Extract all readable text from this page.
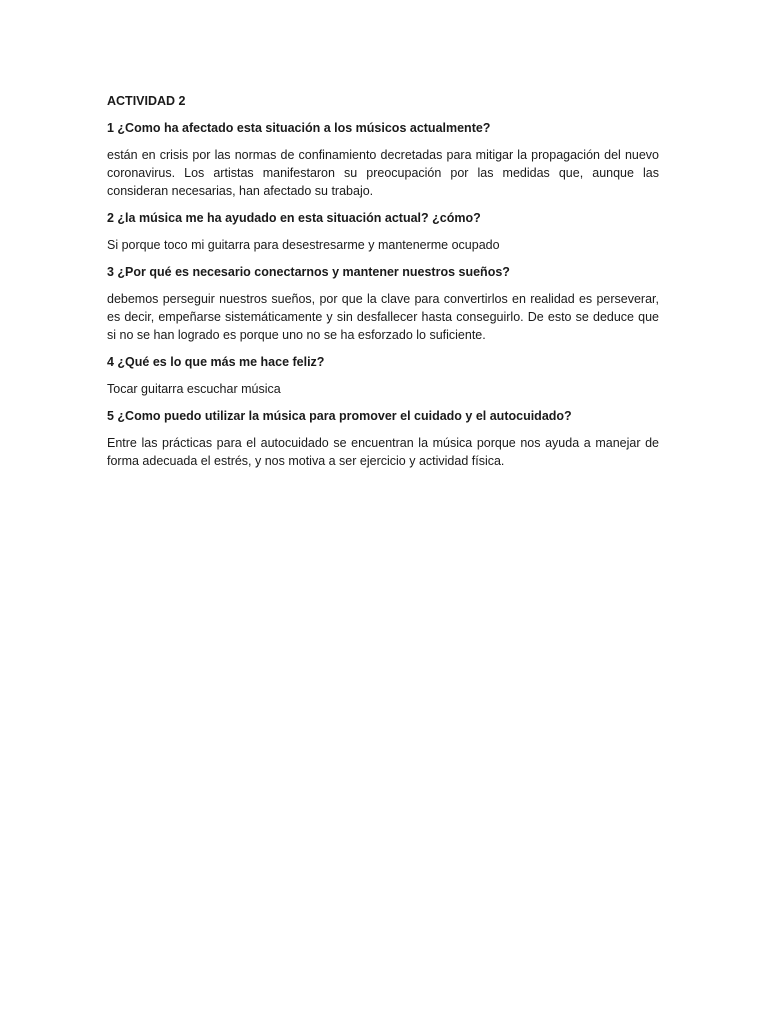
ACTIVIDAD 2

1 ¿Como ha afectado esta situación a los músicos actualmente?

están en crisis por las normas de confinamiento decretadas para mitigar la propagación del nuevo coronavirus. Los artistas manifestaron su preocupación por las medidas que, aunque las consideran necesarias, han afectado su trabajo.

2 ¿la música me ha ayudado en esta situación actual? ¿cómo?

Si porque toco mi guitarra para desestresarme y mantenerme ocupado

3 ¿Por qué es necesario conectarnos y mantener nuestros sueños?

debemos perseguir nuestros sueños, por que la clave para convertirlos en realidad es perseverar, es decir, empeñarse sistemáticamente y sin desfallecer hasta conseguirlo. De esto se deduce que si no se han logrado es porque uno no se ha esforzado lo suficiente.

4 ¿Qué es lo que más me hace feliz?

Tocar guitarra escuchar música

5 ¿Como puedo utilizar la música para promover el cuidado y el autocuidado?

Entre las prácticas para el autocuidado se encuentran la música porque nos ayuda a manejar de forma adecuada el estrés, y nos motiva a ser ejercicio y actividad física.
